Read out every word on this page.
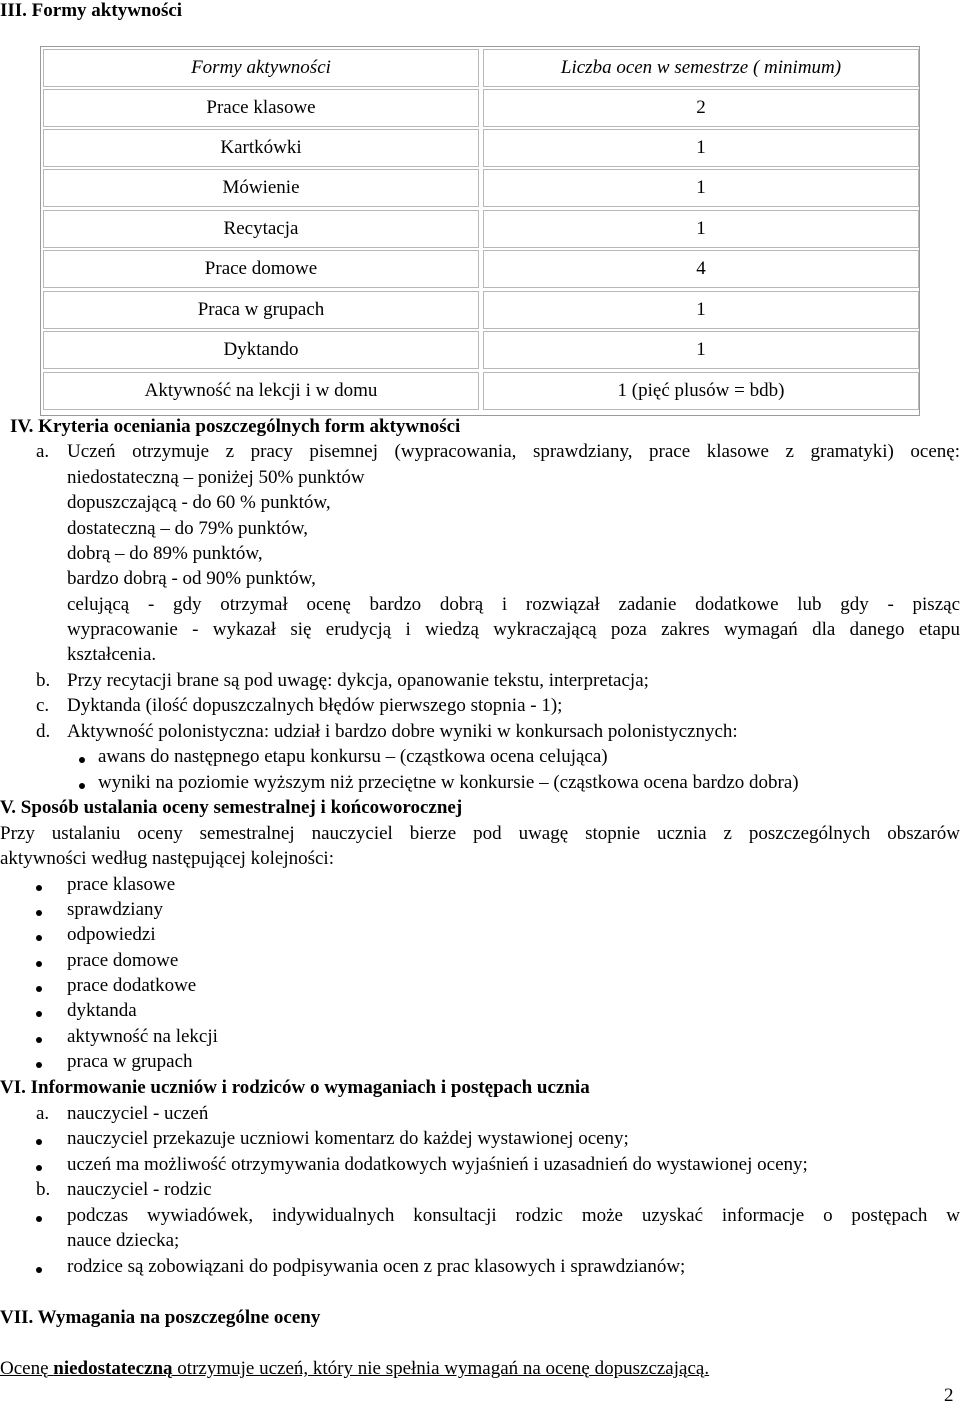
III. Formy aktywności
Formy aktywności	Liczba ocen w semestrze ( minimum)
Prace klasowe	2
Kartkówki	1
Mówienie	1
Recytacja	1
Prace domowe	4
Praca w grupach	1
Dyktando	1
Aktywność na lekcji i w domu	1 (pięć plusów = bdb)
IV. Kryteria oceniania poszczególnych form aktywności
a. Uczeń otrzymuje z pracy pisemnej (wypracowania, sprawdziany, prace klasowe z gramatyki) ocenę:
niedostateczną – poniżej 50% punktów
dopuszczającą - do 60 % punktów,
dostateczną – do 79% punktów,
dobrą – do 89% punktów,
bardzo dobrą - od 90% punktów,
celującą - gdy otrzymał ocenę bardzo dobrą i rozwiązał zadanie dodatkowe lub gdy - pisząc
wypracowanie - wykazał się erudycją i wiedzą wykraczającą poza zakres wymagań dla danego etapu
kształcenia.
b. Przy recytacji brane są pod uwagę: dykcja, opanowanie tekstu, interpretacja;
c. Dyktanda (ilość dopuszczalnych błędów pierwszego stopnia - 1);
d. Aktywność polonistyczna: udział i bardzo dobre wyniki w konkursach polonistycznych:
awans do następnego etapu konkursu – (cząstkowa ocena celująca)
wyniki na poziomie wyższym niż przeciętne w konkursie – (cząstkowa ocena bardzo dobra)
V. Sposób ustalania oceny semestralnej i końcoworocznej
Przy ustalaniu oceny semestralnej nauczyciel bierze pod uwagę stopnie ucznia z poszczególnych obszarów
aktywności według następującej kolejności:
prace klasowe
sprawdziany
odpowiedzi
prace domowe
prace dodatkowe
dyktanda
aktywność na lekcji
praca w grupach
VI. Informowanie uczniów i rodziców o wymaganiach i postępach ucznia
a. nauczyciel - uczeń
nauczyciel przekazuje uczniowi komentarz do każdej wystawionej oceny;
uczeń ma możliwość otrzymywania dodatkowych wyjaśnień i uzasadnień do wystawionej oceny;
b. nauczyciel - rodzic
podczas wywiadówek, indywidualnych konsultacji rodzic może uzyskać informacje o postępach w
nauce dziecka;
rodzice są zobowiązani do podpisywania ocen z prac klasowych i sprawdzianów;
VII. Wymagania na poszczególne oceny
Ocenę niedostateczną otrzymuje uczeń, który nie spełnia wymagań na ocenę dopuszczającą.
2
